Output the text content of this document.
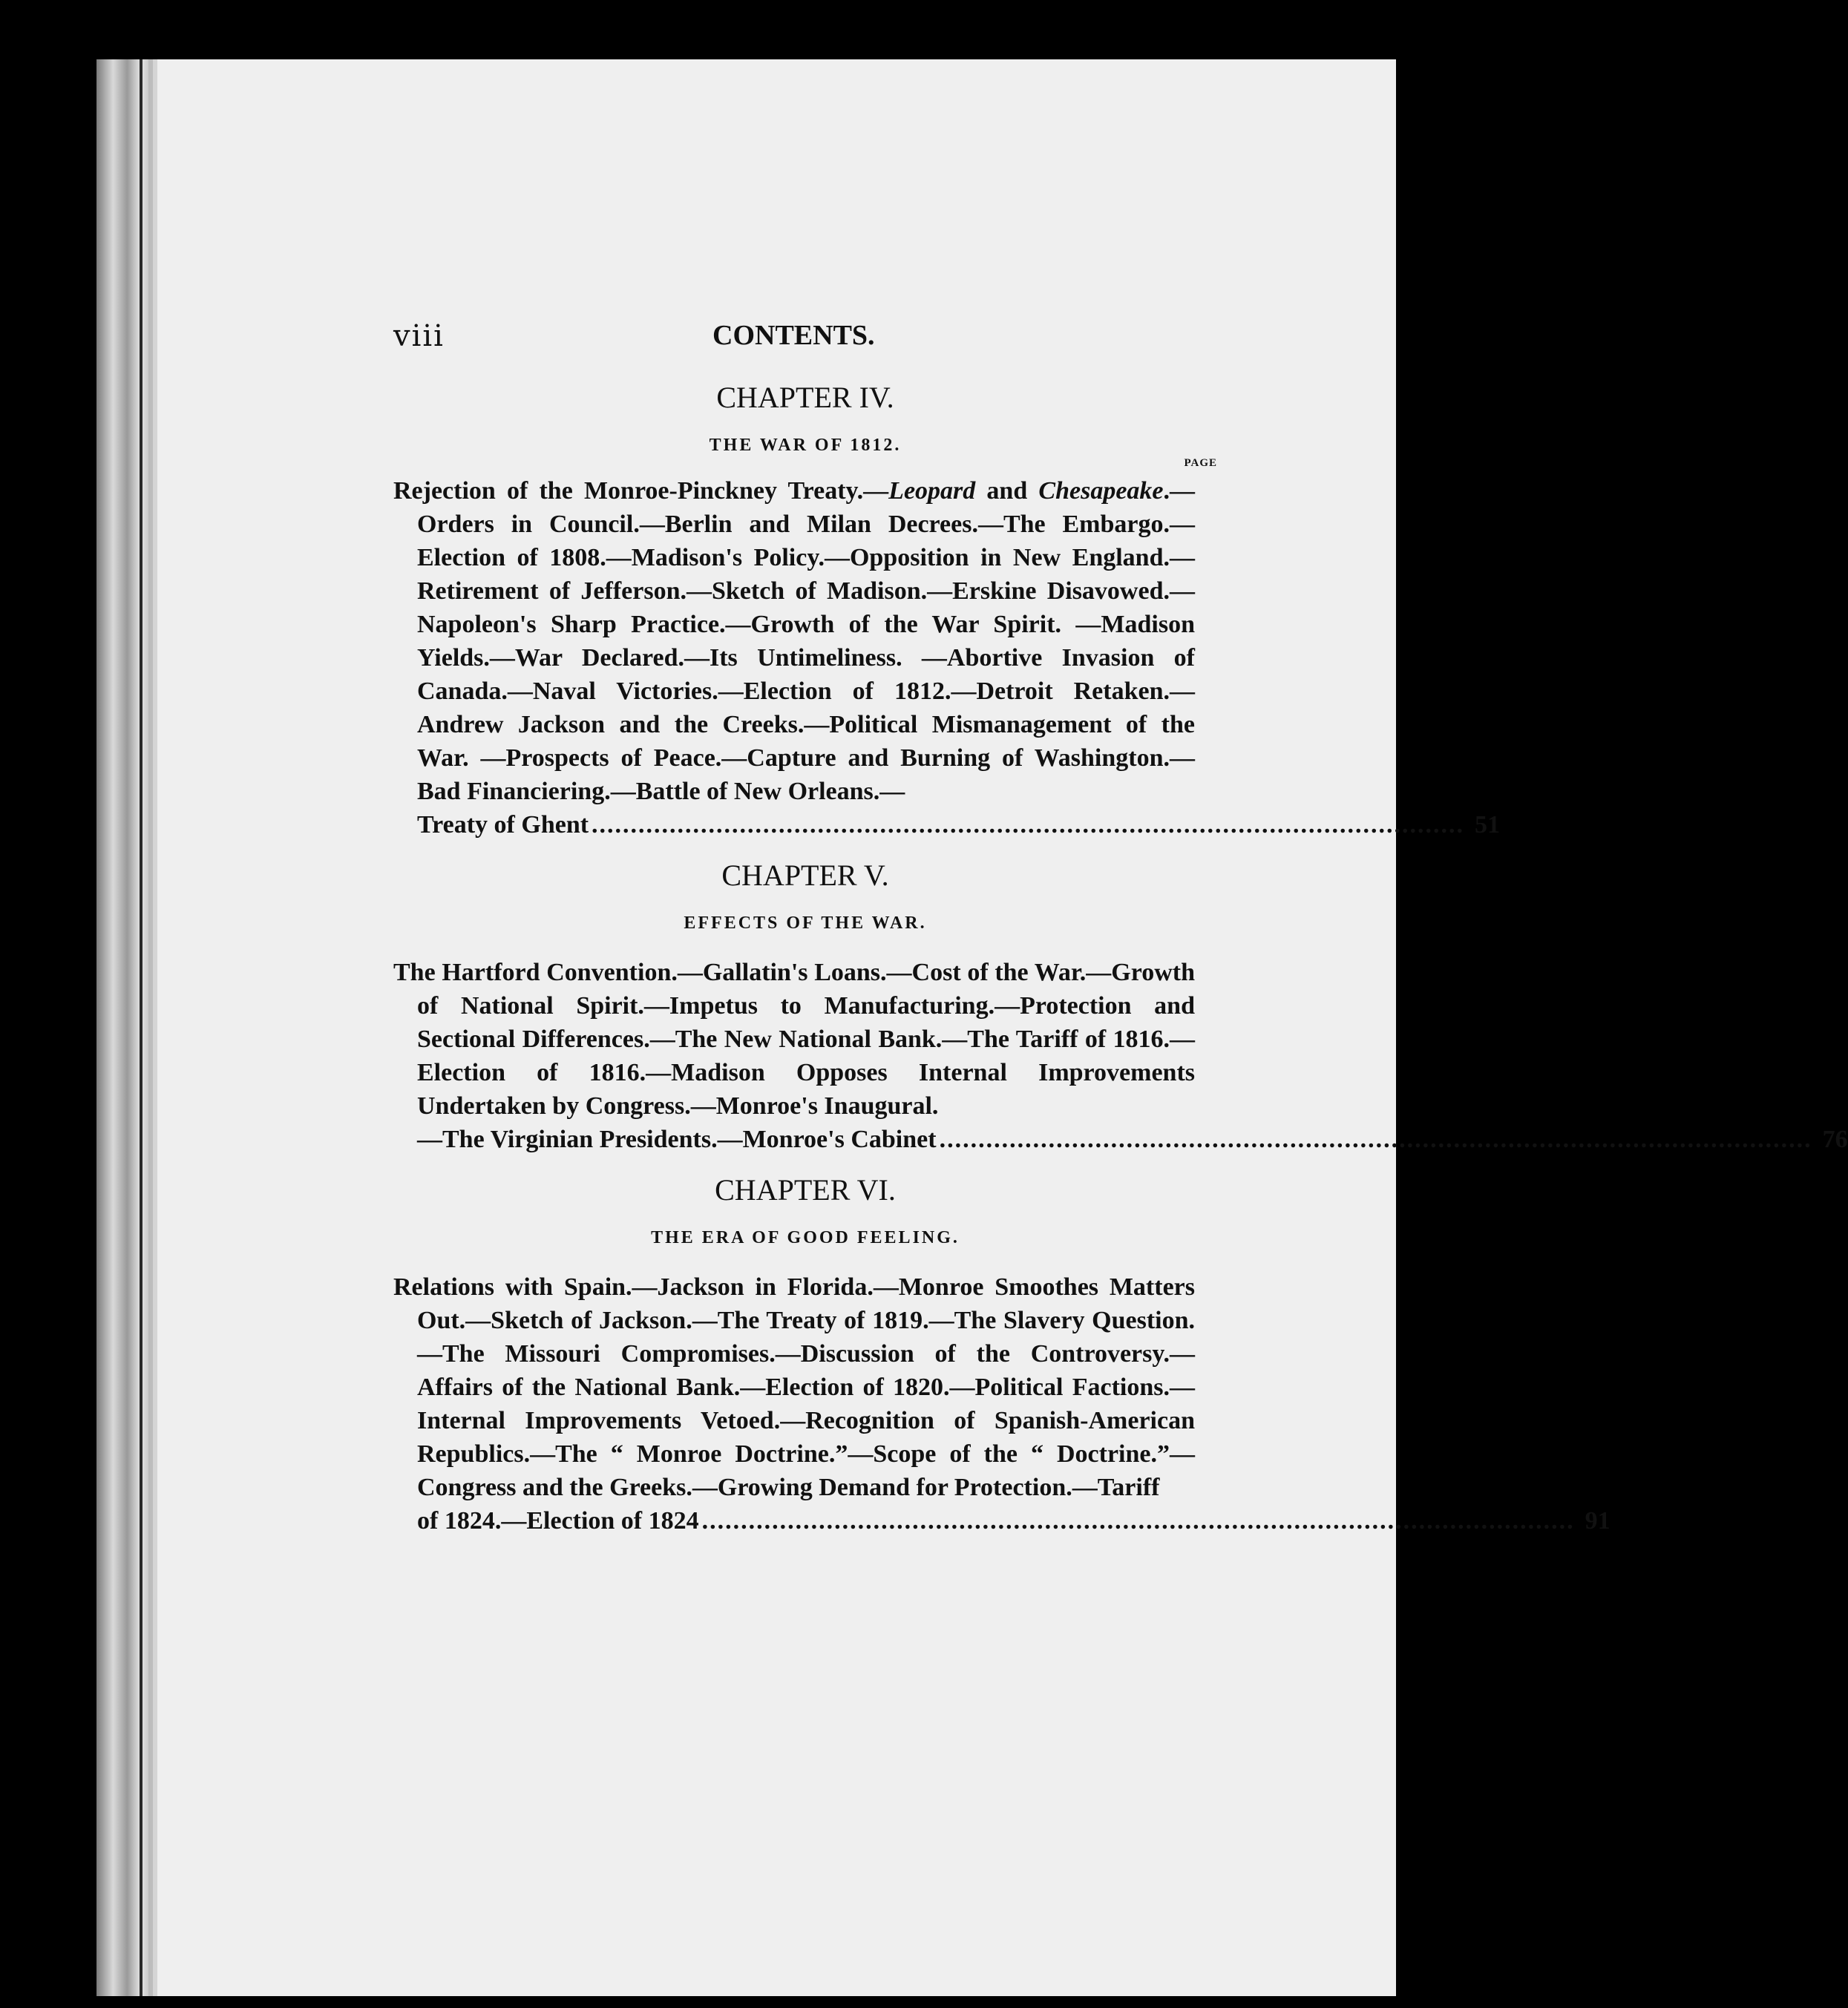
viii	CONTENTS.
CHAPTER IV.
THE WAR OF 1812.
PAGE
Rejection of the Monroe-Pinckney Treaty.—Leopard and Chesapeake.—Orders in Council.—Berlin and Milan Decrees.—The Embargo.—Election of 1808.—Madison's Policy.—Opposition in New England.—Retirement of Jefferson.—Sketch of Madison.—Erskine Disavowed.—Napoleon's Sharp Practice.—Growth of the War Spirit. —Madison Yields.—War Declared.—Its Untimeliness. —Abortive Invasion of Canada.—Naval Victories.—Election of 1812.—Detroit Retaken.—Andrew Jackson and the Creeks.—Political Mismanagement of the War. —Prospects of Peace.—Capture and Burning of Washington.—Bad Financiering.—Battle of New Orleans.—
Treaty of Ghent ................................................................................................................ 51
CHAPTER V.
EFFECTS OF THE WAR.
The Hartford Convention.—Gallatin's Loans.—Cost of the War.—Growth of National Spirit.—Impetus to Manufacturing.—Protection and Sectional Differences.—The New National Bank.—The Tariff of 1816.—Election of 1816.—Madison Opposes Internal Improvements Undertaken by Congress.—Monroe's Inaugural.
—The Virginian Presidents.—Monroe's Cabinet ................................................................................................................ 76
CHAPTER VI.
THE ERA OF GOOD FEELING.
Relations with Spain.—Jackson in Florida.—Monroe Smoothes Matters Out.—Sketch of Jackson.—The Treaty of 1819.—The Slavery Question.—The Missouri Compromises.—Discussion of the Controversy.—Affairs of the National Bank.—Election of 1820.—Political Factions.—Internal Improvements Vetoed.—Recognition of Spanish-American Republics.—The “ Monroe Doctrine.”—Scope of the “ Doctrine.”—Congress and the Greeks.—Growing Demand for Protection.—Tariff
of 1824.—Election of 1824 ................................................................................................................ 91
